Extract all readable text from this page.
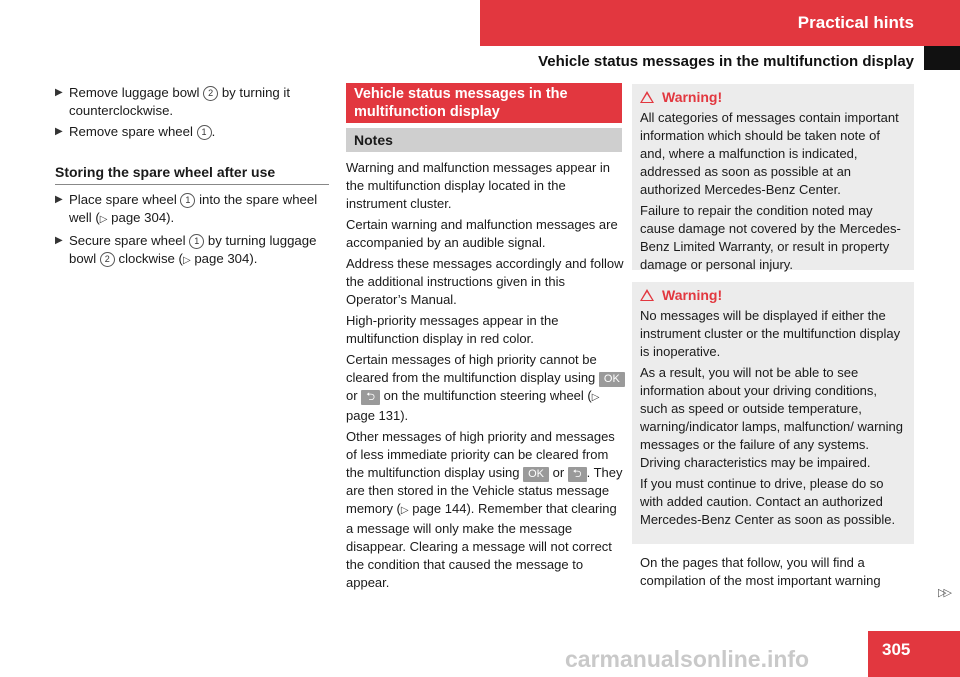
Practical hints
Vehicle status messages in the multifunction display
▶ Remove luggage bowl 2 by turning it counterclockwise.
▶ Remove spare wheel 1 .
Storing the spare wheel after use
▶ Place spare wheel 1 into the spare wheel well (▷ page 304).
▶ Secure spare wheel 1 by turning luggage bowl 2 clockwise (▷ page 304).
Vehicle status messages in the multifunction display
Notes

Warning and malfunction messages appear in the multifunction display located in the instrument cluster.

Certain warning and malfunction messages are accompanied by an audible signal.

Address these messages accordingly and follow the additional instructions given in this Operator’s Manual.

High-priority messages appear in the multifunction display in red color.

Certain messages of high priority cannot be cleared from the multifunction display using OK or ⮌ on the multifunction steering wheel (▷ page 131).

Other messages of high priority and messages of less immediate priority can be cleared from the multifunction display using OK or ⮌ . They are then stored in the Vehicle status message memory (▷ page 144). Remember that clearing a message will only make the message disappear. Clearing a message will not correct the condition that caused the message to appear.

Warning!

All categories of messages contain important information which should be taken note of and, where a malfunction is indicated, addressed as soon as possible at an authorized Mercedes-Benz Center.

Failure to repair the condition noted may cause damage not covered by the Mercedes-Benz Limited Warranty, or result in property damage or personal injury.

Warning!

No messages will be displayed if either the instrument cluster or the multifunction display is inoperative.

As a result, you will not be able to see information about your driving conditions, such as speed or outside temperature, warning/indicator lamps, malfunction/ warning messages or the failure of any systems. Driving characteristics may be impaired.

If you must continue to drive, please do so with added caution. Contact an authorized Mercedes-Benz Center as soon as possible.

On the pages that follow, you will find a compilation of the most important warning
▷▷
carmanualsonline.info	305
